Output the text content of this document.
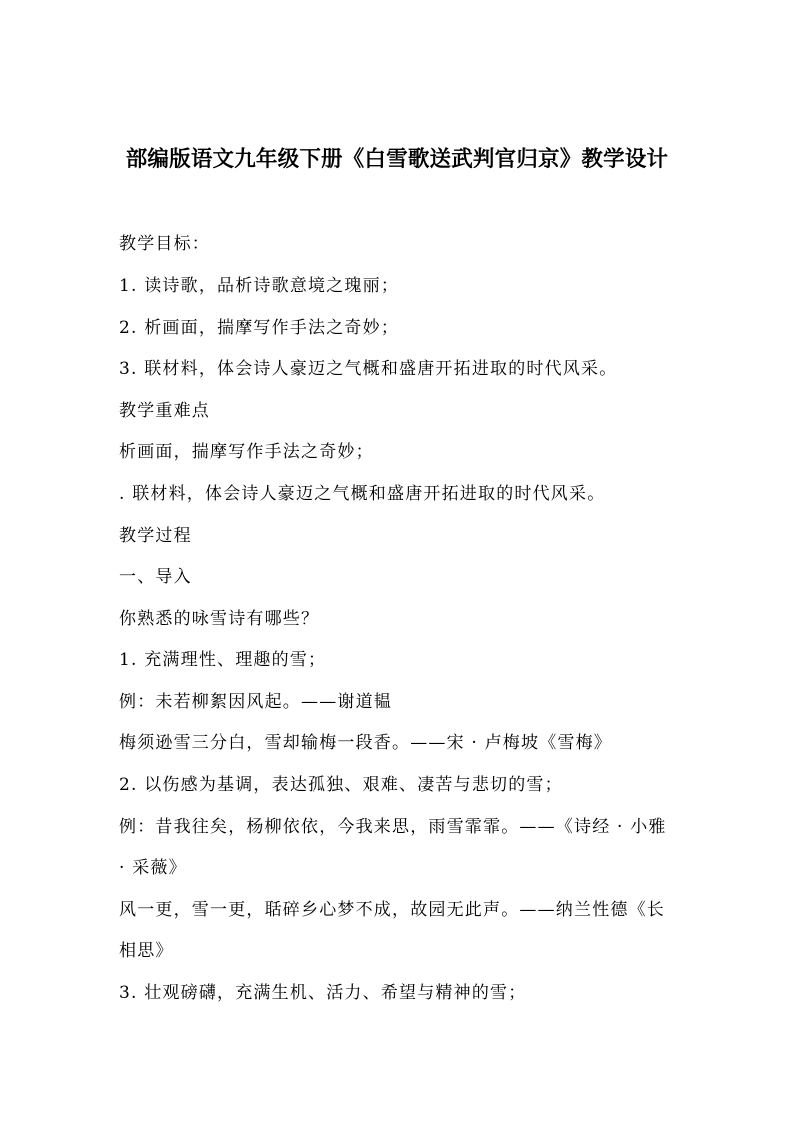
部编版语文九年级下册《白雪歌送武判官归京》教学设计
教学目标：
1. 读诗歌，品析诗歌意境之瑰丽；
2. 析画面，揣摩写作手法之奇妙；
3. 联材料，体会诗人豪迈之气概和盛唐开拓进取的时代风采。
教学重难点
析画面，揣摩写作手法之奇妙；
. 联材料，体会诗人豪迈之气概和盛唐开拓进取的时代风采。
教学过程
一、导入
你熟悉的咏雪诗有哪些？
1. 充满理性、理趣的雪；
例：未若柳絮因风起。——谢道韫
梅须逊雪三分白，雪却输梅一段香。——宋 · 卢梅坡《雪梅》
2. 以伤感为基调，表达孤独、艰难、凄苦与悲切的雪；
例：昔我往矣，杨柳依依，今我来思，雨雪霏霏。——《诗经 · 小雅
· 采薇》
风一更，雪一更，聒碎乡心梦不成，故园无此声。——纳兰性德《长
相思》
3. 壮观磅礴，充满生机、活力、希望与精神的雪；
